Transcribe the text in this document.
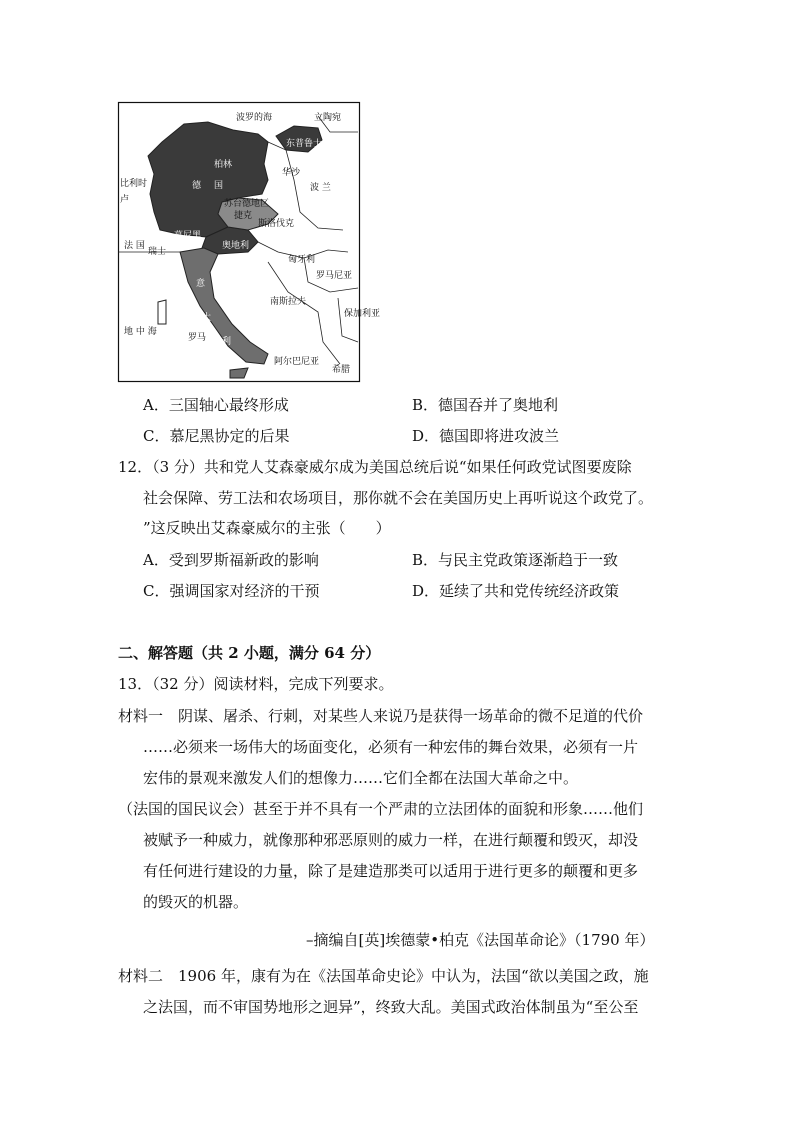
波罗的海	立陶宛
东普鲁士
柏林
华沙
德 国	波 兰
比利时
卢	苏台德地区
捷克
斯洛伐克
慕尼黑
法 国
瑞士
奥地利
匈牙利
罗马尼亚
意
大
利
南斯拉夫
保加利亚
地 中 海
罗马
阿尔巴尼亚
希腊
A．三国轴心最终形成	B．德国吞并了奥地利
C．慕尼黑协定的后果	D．德国即将进攻波兰
12．（3 分）共和党人艾森豪威尔成为美国总统后说“如果任何政党试图要废除
社会保障、劳工法和农场项目，那你就不会在美国历史上再听说这个政党了。
”这反映出艾森豪威尔的主张（　　）
A．受到罗斯福新政的影响	B．与民主党政策逐渐趋于一致
C．强调国家对经济的干预	D．延续了共和党传统经济政策
二、解答题（共 2 小题，满分 64 分）
13．（32 分）阅读材料，完成下列要求。
材料一　阴谋、屠杀、行刺，对某些人来说乃是获得一场革命的微不足道的代价
……必须来一场伟大的场面变化，必须有一种宏伟的舞台效果，必须有一片
宏伟的景观来激发人们的想像力……它们全都在法国大革命之中。
（法国的国民议会）甚至于并不具有一个严肃的立法团体的面貌和形象……他们
被赋予一种威力，就像那种邪恶原则的威力一样，在进行颠覆和毁灭，却没
有任何进行建设的力量，除了是建造那类可以适用于进行更多的颠覆和更多
的毁灭的机器。
–摘编自[英]埃德蒙•柏克《法国革命论》（1790 年）
材料二　1906 年，康有为在《法国革命史论》中认为，法国“欲以美国之政，施
之法国，而不审国势地形之迥异”，终致大乱。美国式政治体制虽为“至公至
